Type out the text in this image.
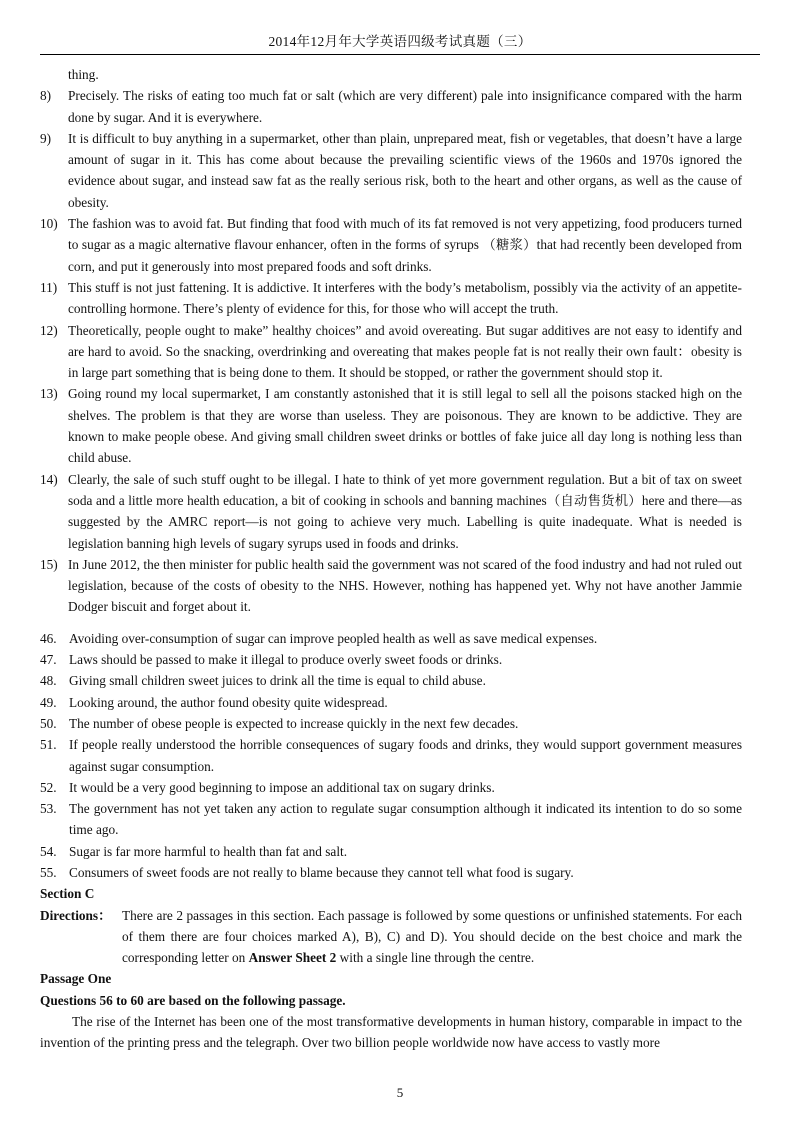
2014年12月年大学英语四级考试真题（三）
thing.
8) Precisely. The risks of eating too much fat or salt (which are very different) pale into insignificance compared with the harm done by sugar. And it is everywhere.
9) It is difficult to buy anything in a supermarket, other than plain, unprepared meat, fish or vegetables, that doesn’t have a large amount of sugar in it. This has come about because the prevailing scientific views of the 1960s and 1970s ignored the evidence about sugar, and instead saw fat as the really serious risk, both to the heart and other organs, as well as the cause of obesity.
10) The fashion was to avoid fat. But finding that food with much of its fat removed is not very appetizing, food producers turned to sugar as a magic alternative flavour enhancer, often in the forms of syrups （糖浆）that had recently been developed from corn, and put it generously into most prepared foods and soft drinks.
11) This stuff is not just fattening. It is addictive. It interferes with the body’s metabolism, possibly via the activity of an appetite-controlling hormone. There’s plenty of evidence for this, for those who will accept the truth.
12) Theoretically, people ought to make” healthy choices” and avoid overeating. But sugar additives are not easy to identify and are hard to avoid. So the snacking, overdrinking and overeating that makes people fat is not really their own fault：obesity is in large part something that is being done to them. It should be stopped, or rather the government should stop it.
13) Going round my local supermarket, I am constantly astonished that it is still legal to sell all the poisons stacked high on the shelves. The problem is that they are worse than useless. They are poisonous. They are known to be addictive. They are known to make people obese. And giving small children sweet drinks or bottles of fake juice all day long is nothing less than child abuse.
14) Clearly, the sale of such stuff ought to be illegal. I hate to think of yet more government regulation. But a bit of tax on sweet soda and a little more health education, a bit of cooking in schools and banning machines（自动售货机）here and there—as suggested by the AMRC report—is not going to achieve very much. Labelling is quite inadequate. What is needed is legislation banning high levels of sugary syrups used in foods and drinks.
15) In June 2012, the then minister for public health said the government was not scared of the food industry and had not ruled out legislation, because of the costs of obesity to the NHS. However, nothing has happened yet. Why not have another Jammie Dodger biscuit and forget about it.
46. Avoiding over-consumption of sugar can improve peopled health as well as save medical expenses.
47. Laws should be passed to make it illegal to produce overly sweet foods or drinks.
48. Giving small children sweet juices to drink all the time is equal to child abuse.
49. Looking around, the author found obesity quite widespread.
50. The number of obese people is expected to increase quickly in the next few decades.
51. If people really understood the horrible consequences of sugary foods and drinks, they would support government measures against sugar consumption.
52. It would be a very good beginning to impose an additional tax on sugary drinks.
53. The government has not yet taken any action to regulate sugar consumption although it indicated its intention to do so some time ago.
54. Sugar is far more harmful to health than fat and salt.
55. Consumers of sweet foods are not really to blame because they cannot tell what food is sugary.
Section C
Directions： There are 2 passages in this section. Each passage is followed by some questions or unfinished statements. For each of them there are four choices marked A), B), C) and D). You should decide on the best choice and mark the corresponding letter on Answer Sheet 2 with a single line through the centre.
Passage One
Questions 56 to 60 are based on the following passage.
The rise of the Internet has been one of the most transformative developments in human history, comparable in impact to the invention of the printing press and the telegraph. Over two billion people worldwide now have access to vastly more
5
